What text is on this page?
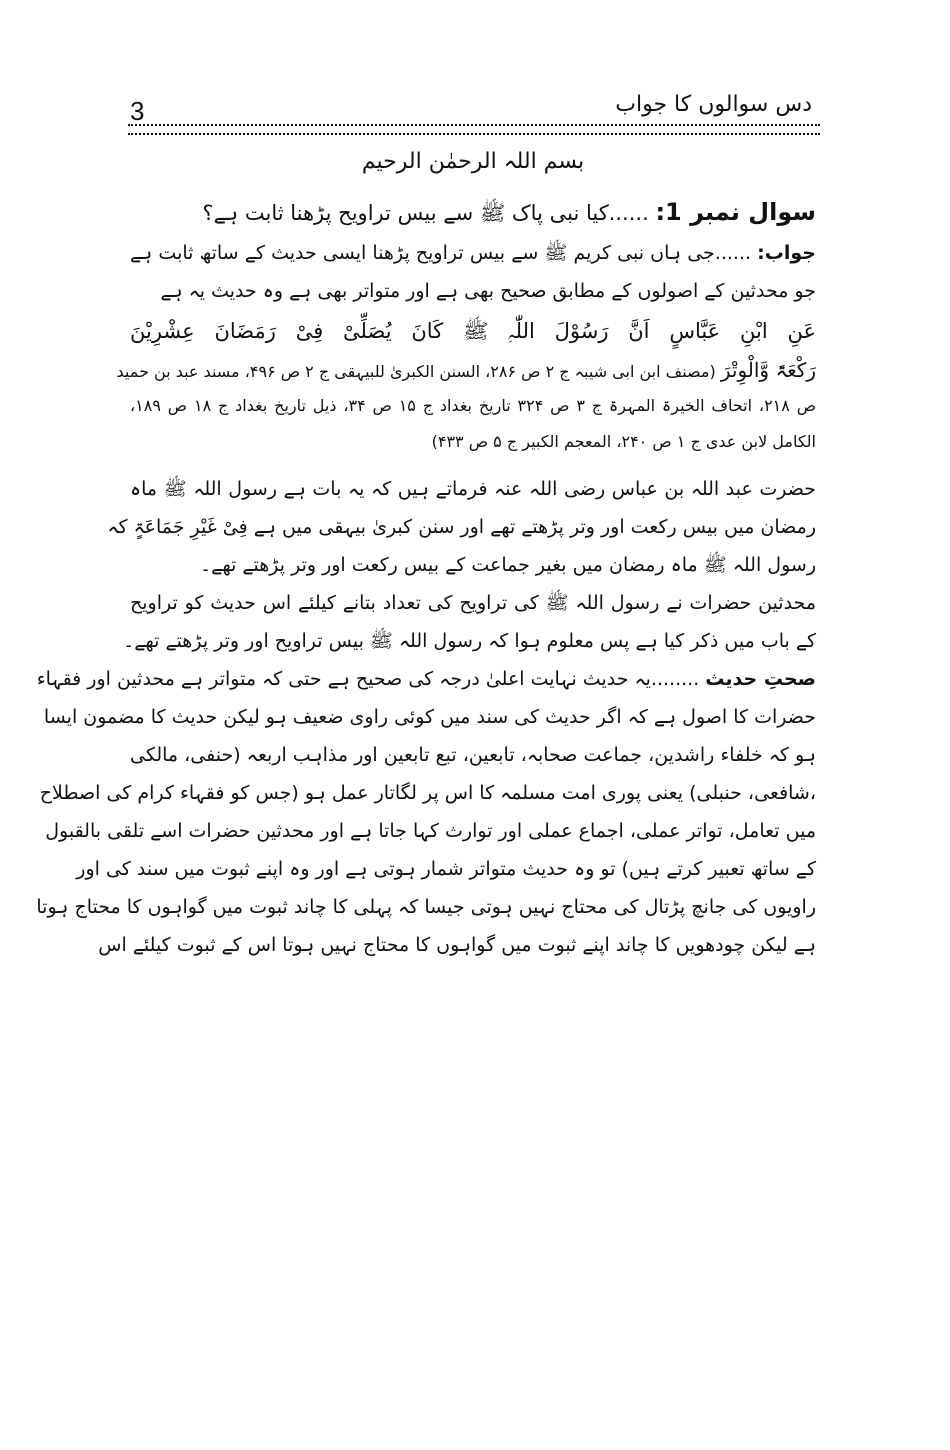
3	دس سوالوں کا جواب
بسم اللہ الرحمٰن الرحیم
سوال نمبر 1: ......کیا نبی پاک ﷺ سے بیس تراویح پڑھنا ثابت ہے؟
جواب: ......جی ہاں نبی کریم ﷺ سے بیس تراویح پڑھنا ایسی حدیث کے ساتھ ثابت ہے
جو محدثین کے اصولوں کے مطابق صحیح بھی ہے اور متواتر بھی ہے وہ حدیث یہ ہے
عَنِ ابْنِ عَبَّاسٍ اَنَّ رَسُوْلَ اللّٰہِ ﷺ کَانَ یُصَلِّیْ فِیْ رَمَضَانَ عِشْرِیْنَ
رَکْعَۃً وَّالْوِتْرَ (مصنف ابن ابی شیبہ ج ۲ ص ۲۸۶، السنن الکبریٰ للبیہقی ج ۲ ص ۴۹۶، مسند عبد بن حمید
ص ۲۱۸، اتحاف الخیرۃ المہرۃ ج ۳ ص ۳۲۴ تاریخ بغداد ج ۱۵ ص ۳۴، ذیل تاریخ بغداد ج ۱۸ ص ۱۸۹،
الکامل لابن عدی ج ۱ ص ۲۴۰، المعجم الکبیر ج ۵ ص ۴۳۳)
حضرت عبد اللہ بن عباس رضی اللہ عنہ فرماتے ہیں کہ یہ بات ہے رسول اللہ ﷺ ماہ
رمضان میں بیس رکعت اور وتر پڑھتے تھے اور سنن کبریٰ بیہقی میں ہے فِیْ غَیْرِ جَمَاعَۃٍ کہ
رسول اللہ ﷺ ماہ رمضان میں بغیر جماعت کے بیس رکعت اور وتر پڑھتے تھے۔
محدثین حضرات نے رسول اللہ ﷺ کی تراویح کی تعداد بتانے کیلئے اس حدیث کو تراویح
کے باب میں ذکر کیا ہے پس معلوم ہوا کہ رسول اللہ ﷺ بیس تراویح اور وتر پڑھتے تھے۔
صحتِ حدیث ........یہ حدیث نہایت اعلیٰ درجہ کی صحیح ہے حتی کہ متواتر ہے محدثین اور فقہاء
حضرات کا اصول ہے کہ اگر حدیث کی سند میں کوئی راوی ضعیف ہو لیکن حدیث کا مضمون ایسا
ہو کہ خلفاء راشدین، جماعت صحابہ، تابعین، تبع تابعین اور مذاہب اربعہ (حنفی، مالکی
،شافعی، حنبلی) یعنی پوری امت مسلمہ کا اس پر لگاتار عمل ہو (جس کو فقہاء کرام کی اصطلاح
میں تعامل، تواتر عملی، اجماع عملی اور توارث کہا جاتا ہے اور محدثین حضرات اسے تلقی بالقبول
کے ساتھ تعبیر کرتے ہیں) تو وہ حدیث متواتر شمار ہوتی ہے اور وہ اپنے ثبوت میں سند کی اور
راویوں کی جانچ پڑتال کی محتاج نہیں ہوتی جیسا کہ پہلی کا چاند ثبوت میں گواہوں کا محتاج ہوتا
ہے لیکن چودھویں کا چاند اپنے ثبوت میں گواہوں کا محتاج نہیں ہوتا اس کے ثبوت کیلئے اس
